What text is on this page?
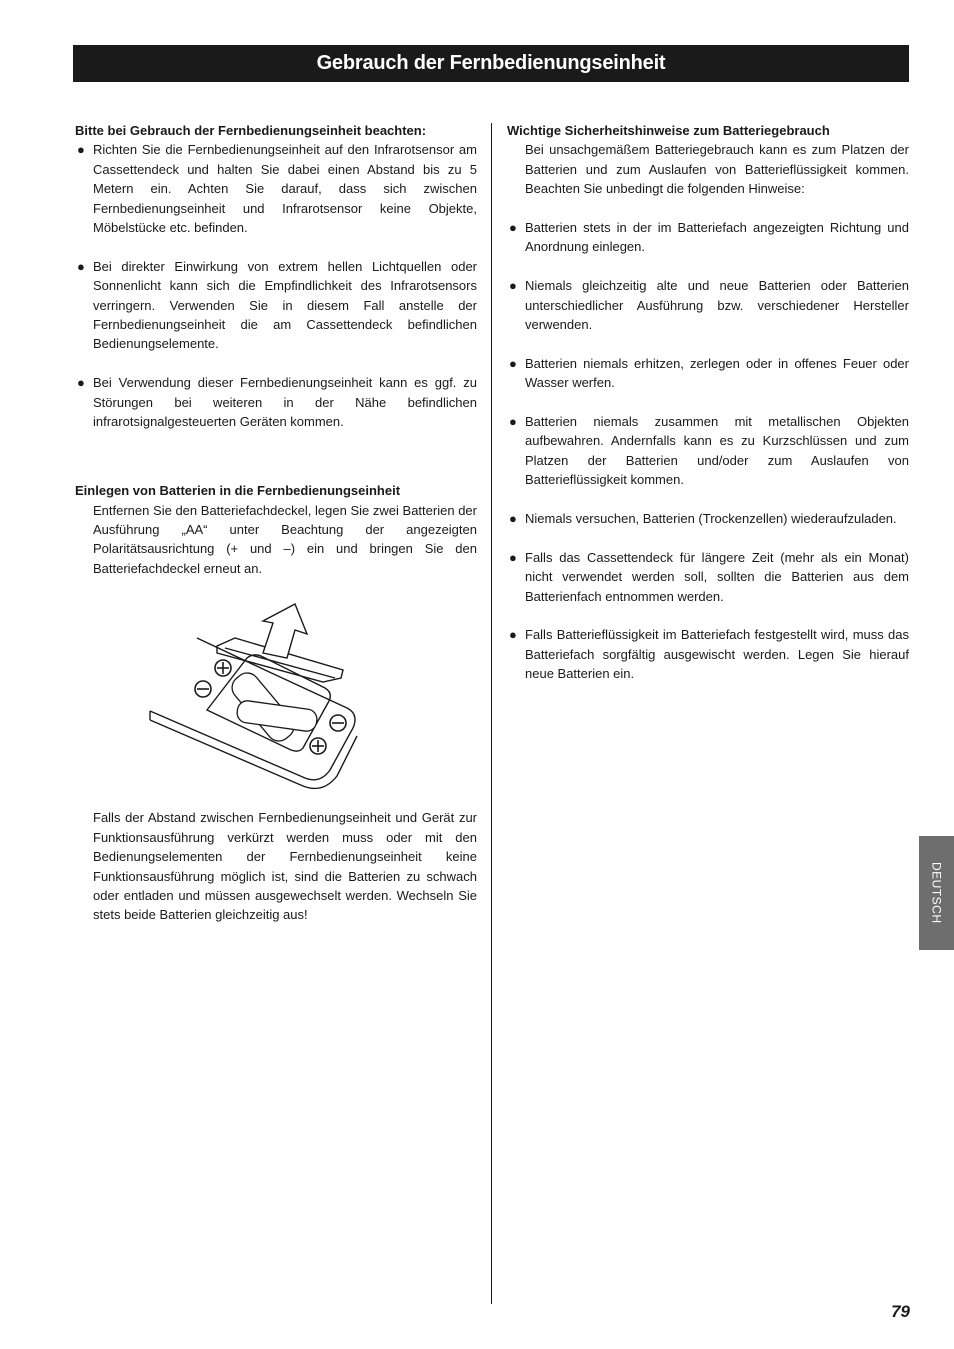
Gebrauch der Fernbedienungseinheit

Bitte bei Gebrauch der Fernbedienungseinheit beachten:

● Richten Sie die Fernbedienungseinheit auf den Infrarotsensor am Cassettendeck und halten Sie dabei einen Abstand bis zu 5 Metern ein. Achten Sie darauf, dass sich zwischen Fernbedienungseinheit und Infrarotsensor keine Objekte, Möbelstücke etc. befinden.

● Bei direkter Einwirkung von extrem hellen Lichtquellen oder Sonnenlicht kann sich die Empfindlichkeit des Infrarotsensors verringern. Verwenden Sie in diesem Fall anstelle der Fernbedienungseinheit die am Cassettendeck befindlichen Bedienungselemente.

● Bei Verwendung dieser Fernbedienungseinheit kann es ggf. zu Störungen bei weiteren in der Nähe befindlichen infrarotsignalgesteuerten Geräten kommen.

Einlegen von Batterien in die Fernbedienungseinheit

Entfernen Sie den Batteriefachdeckel, legen Sie zwei Batterien der Ausführung „AA“ unter Beachtung der angezeigten Polaritätsausrichtung (+ und –) ein und bringen Sie den Batteriefachdeckel erneut an.

Falls der Abstand zwischen Fernbedienungseinheit und Gerät zur Funktionsausführung verkürzt werden muss oder mit den Bedienungselementen der Fernbedienungseinheit keine Funktionsausführung möglich ist, sind die Batterien zu schwach oder entladen und müssen ausgewechselt werden. Wechseln Sie stets beide Batterien gleichzeitig aus!

Wichtige Sicherheitshinweise zum Batteriegebrauch

Bei unsachgemäßem Batteriegebrauch kann es zum Platzen der Batterien und zum Auslaufen von Batterieflüssigkeit kommen. Beachten Sie unbedingt die folgenden Hinweise:

● Batterien stets in der im Batteriefach angezeigten Richtung und Anordnung einlegen.

● Niemals gleichzeitig alte und neue Batterien oder Batterien unterschiedlicher Ausführung bzw. verschiedener Hersteller verwenden.

● Batterien niemals erhitzen, zerlegen oder in offenes Feuer oder Wasser werfen.

● Batterien niemals zusammen mit metallischen Objekten aufbewahren. Andernfalls kann es zu Kurzschlüssen und zum Platzen der Batterien und/oder zum Auslaufen von Batterieflüssigkeit kommen.

● Niemals versuchen, Batterien (Trockenzellen) wiederaufzuladen.

● Falls das Cassettendeck für längere Zeit (mehr als ein Monat) nicht verwendet werden soll, sollten die Batterien aus dem Batterienfach entnommen werden.

● Falls Batterieflüssigkeit im Batteriefach festgestellt wird, muss das Batteriefach sorgfältig ausgewischt werden. Legen Sie hierauf neue Batterien ein.

DEUTSCH
79
